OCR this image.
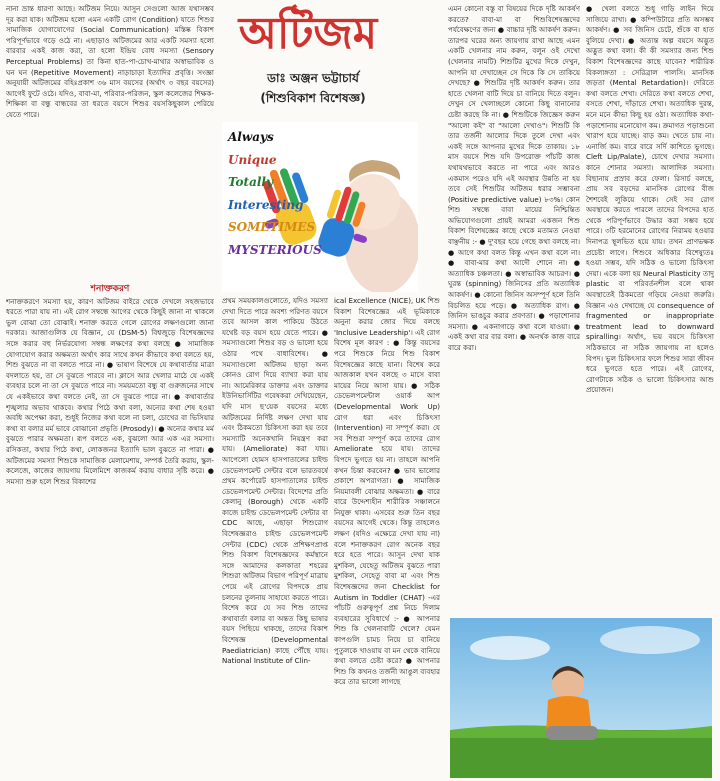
অটিজম
ডাঃ অঞ্জন ভট্টাচার্য
(শিশুবিকাশ বিশেষজ্ঞ)
Always
Unique
Totally
Interesting
SOMETIMES
MYSTERIOUS

নানা ভ্রান্ত ধারণা আছে। অটিজম নিয়ে। আসুন সেগুলো আজ যথাসম্ভব দূর করা যাক। অটিজম হলো এমন একটি রোগ (Condition) যাতে শিশুর সামাজিক যোগাযোগের (Social Communication) মস্তিষ্ক বিকাশ পরিপূর্ণভাবে গড়ে ওঠে না। এছাড়াও অটিজমের আর একটি সমস্যা হলো বারবার একই কাজ করা, তা হলো ইন্দ্রিয় বোধ সমস্যা (Sensory Perceptual Problems) তা কিনা হাত-পা-চোখ-মাথার অস্বাভাবিক ও ঘন ঘন (Repetitive Movement) নাড়াচাড়া ইত্যাদির প্রবৃত্তি। সংজ্ঞা অনুযায়ী অটিজমের বহিঃপ্রকাশ ৩৬ মাস বয়সের (অর্থাৎ ৩ বছর বয়সের) আগেই ফুটে ওঠে। যদিও, বাবা-মা, পরিবার-পরিজন, স্কুল কলেজের শিক্ষক-শিক্ষিকা বা বন্ধু বান্ধবের তা ধরতে বয়সে শিশুর বয়সকিছুকাল পেরিয়ে যেতে পারে।

শনাক্তকরণ

শনাক্তকরণে সমস্যা হয়, কারণ অটিজম বাইরে থেকে দেখলে সহজভাবে ধরতে পারা যায় না। এই রোগ সম্বন্ধে আগের থেকে কিছুই জানা না থাকলে ভুল বোঝা তো বোঝাই। শনাক্ত করতে গেলে রোগের লক্ষণগুলো জানা দরকার। আজাগুলিক যে বিজ্ঞান, যে (DSM-5) বিশ্বজুড়ে বিশেষজ্ঞদের সঙ্গে করার বহু নির্ভরযোগ্য সম্বন্ধ লক্ষণের কথা বলছে ● সামাজিক যোগাযোগ করার অক্ষমতা অর্থাৎ কার সাথে কখন কীভাবে কথা বলতে হয়, শিশু বুঝতে না বা বলতে পারে না। ● ভাষাগ বিশেষে যে কথাবার্তার মাত্রা বদলাতে হয়, তা সে বুঝতে পারবে না। ক্লাসে আর খেলার মাঠে যে একই ব্যবহার চলে না তা সে বুঝতে পারে না। সময়মতো বন্ধু বা গুরুজনের সাথে যে একইভাবে কথা বলতে নেই, তা সে বুঝতে পারে না। ● কথাবার্তার শৃঙ্খলার অভাব থাকবে। কথার পিঠে কথা বলা, অন্যের কথা শেষ হওয়া অবধি অপেক্ষা করা, শুধুই নিজের কথা বলে না চলা, চোখের বা ভিসিয়ার কথা বা বলার মর্ম ভাবে বোঝানো প্রভৃতি (Prosody)। ● অন্যের কথার মর্ম বুঝতে পারার অক্ষমতা। রূপ বলতে এক, বুঝলো আর এক এর সমস্যা। রসিকতা, কথার পিঠে কথা, লোকজনর ইত্যাদি ভাল বুঝতে না পারা। ● অটিজমের সমস্যা শিশুকে সামাজিক মেলামেশায়, সম্পর্ক তৈরি করায়, স্কুল-কলেজে, কাজের জায়গায় মিলেমিশে কাজকর্ম করায় বাধার সৃষ্টি করে। ● সমস্যা শুরু হলে শিশুর বিকাশের

প্রথম সময়কালগুলোতে, যদিও সমস্যা দেখা দিতে পারে অবশ্য পরিণত বয়সে তবে আসল কাল পাকিয়ে উঠতে যথেষ্ট বড় বয়স হয়ে যেতে পারে। ● সমস্যাগুলো শিশুর বড় ও ভালো হয়ে ওঠার পথে বাধাবিশেষ। ● সমস্যাগুলো অটিজম ছাড়া অন্য কোনও রোগ দিয়ে ব্যাখ্যা করা যায় না। আমেরিকার ডাক্তার এবং ডাক্তার ইউনিভার্সিটির গবেষকরা দেখিয়েছেন, যদি মাস ছ'য়েক বয়সের মধ্যে অটিজমের নির্দিষ্ট লক্ষণ দেখা যায় এবং ঠিকমতো চিকিৎসা করা হয় তবে সমস্যাটি অনেকখানি নিয়ন্ত্রণ করা যায়। (Ameliorate) করা যায়। আপেলো হোমস হাসপাতালের চাইল্ড ডেভেলপমেন্ট সেন্টার বলে ভারতবর্ষে প্রথম কর্পোরেট হাসপাতালের চাইল্ড ডেভেলপমেন্ট সেন্টার। বিদেশের প্রতি কেলানু (Borough) থেকে একটি কাজে চাইল্ড ডেভেলপমেন্ট সেন্টার বা CDC আছে, এছাড়া শিশুরোগ বিশেষজ্ঞরাও চাইল্ড ডেভেলপমেন্ট সেন্টার (CDC) থেকে প্রশিক্ষণপ্রাপ্ত শিশু বিকাশ বিশেষজ্ঞদের কর্মস্থানে সঙ্গে আমাদের কলকাতা শহরের শিশুরা অটিজম বিভাগ পরিপূর্ণ মাত্রায় পেয়ে এই রোগের বিপদকে প্রায় চলনের তুলনায় সাহায্যে করতে পারে। বিশেষ করে যে সব শিশু তাদের কথাবার্তা বলার বা অন্তত কিছু ভাষার বয়স পিছিয়ে থাকছে, তাদের বিকাশ বিশেষজ্ঞ (Developmental Paediatrician) কাছে পৌঁছে যায়। National Institute of Clin-

ical Excellence (NICE), UK শিশু বিকাশ বিশেষজ্ঞের এই ভূমিকাকে অনুনা করার জোর দিয়ে বলছে 'Inclusive Leadership'। এই রোগ বিশেষ মূল কারণ : ● কিন্তু বয়সের পরে শিশুকে নিয়ে শিশু বিকাশ বিশেষজ্ঞের কাছে যানা। বিশেষ করে আজকাল যখন বলছে ৩ মাসে বাবা মায়ের নিয়ে আসা যায়। ● সঠিক ডেভেলপমেন্টাল ওয়ার্ক আপ (Developmental Work Up) রোগ ধরা এবং চিকিৎসা (Intervention) না সম্পূর্ণ করা। যে সব শিশুরা সম্পূর্ণ করে তাদের রোগ Ameliorate হয়ে যায়। তাদের বিপদে ভুগতে হয় না। তাহলে আপনি কখন চিন্তা করবেন? ● ভাব ভালোর প্রকাশে অপরাগতা। ● সামাজিক নিয়মাবলী বোঝার অক্ষমতা। ● বারে বারে উদ্দেশ্যহীন শারীরিক সঞ্চালনে নিযুক্ত থাকা। এসবের শুরু তিন বছর বয়সের আগেই থেকে। কিন্তু তাহলেও লক্ষণ (যদিও এক্ষেত্রে দেখা যায় না) বলে শনাক্তকরণ রোগ অনেক বছর ধরে হতে পারে। আসুন দেখা যাক মুশকিল, যেহেতু অটিজম বুঝতে পারা মুশকিল, সেহেতু বাবা মা এবং শিশু বিশেষজ্ঞদের জন্য Checklist for Autism in Toddler (CHAT) -এর পাঁচটি গুরুত্বপূর্ণ প্রশ্ন নিচে দিলাম ব্যবহারের সুবিধার্থে :- ● আপনার শিশু কি খেলনাবাটি খেলে? যেমন কাপগুলি চামচ নিয়ে চা বানিয়ে পুতুলকে খাওয়ায় বা মন থেকে বানিয়ে কথা বলতে চেষ্টা করে? ● আপনার শিশু কি কখনও তর্জনী আঙুল ব্যবহার করে তার ভালো লাগছে

এমন কোনো বস্তু বা বিষয়ের দিকে দৃষ্টি আকর্ষণ করতে? বাবা-মা বা শিশুবিশেষজ্ঞদের পর্যবেক্ষণের জন্য ● বাচ্চার দৃষ্টি আকর্ষণ করুন। তারপর ঘরের অন্য জায়গায় রাখা আছে এমন একটি খেলনার নাম করুন, বলুন ওই দেখো (খেলনার নামটি) শিশুটির মুখের দিকে দেখুন, আপনি যা দেখাচ্ছেন সে দিকে কি সে তাকিয়ে দেখছে? ● শিশুটির দৃষ্টি আকর্ষণ করুন। তার হাতে খেলনা বাটি দিয়ে চা বানিয়ে দিতে বলুন। দেখুন সে খেলাচ্ছলে কোনো কিছু বানানোর চেষ্টা করছে কি না। ● শিশুটিকে জিজ্ঞেস করুন "আলো কই" বা "আলো দেখাও"। শিশুটি কি তার তর্জনী আলোর দিকে তুলে দেখা এবং একই সঙ্গে আপনার মুখের দিকে তাকায়। ১৮ মাস বয়সে শিশু যদি উপরোক্ত পাঁচটি কাজ যথাযথভাবে করতে না পারে এবং আরও একমাস পরেও যদি এই অবস্থার উন্নতি না হয় তবে সেই শিশুটির অটিজম ধরার সম্ভাবনা (Positive predictive value) ৮৩%। কোন শিশু সম্বন্ধে বাবা মায়ের নিশ্চিন্তিত অভিযোগগুলো প্রায়ই আমরা একজন শিশু বিকাশ বিশেষজ্ঞের কাছে থেকে মতামত নেওয়া বাঞ্ছনীয় :- ● দু'বছর হয়ে গেছে কথা বলছে না। ● আগে কথা বলত কিন্তু এখন কথা বলে না। ● বাবা-মার কথা আদৌ শোনে না। ● অত্যাধিক চঞ্চলতা। ● অস্বাভাবিক আচরণ। ● ঘুরন্ত (spinning) জিনিসের প্রতি অত্যাধিক আকর্ষণ। ● কোনো জিনিস অসম্পূর্ণ হলে তিনি বিচলিত হয়ে পড়ে। ● অত্যাধিক রাগ। ● জিনিস ভাঙচুর করার প্রবণতা। ● পড়াশোনার সমস্যা। ● একনাগাড়ে কথা বলে যাওয়া। ● একই কথা বার বার বলা। ● অনর্থক কাজ বারে বারে করা।

● খেলা বলতে শুধু গাড়ি লাইন দিয়ে সাজিয়ে রাখা। ● কম্পিউটারে প্রতি অসম্ভব আকর্ষণ। ● সব জিনিস চেটে, শুঁকে বা হাত বুলিয়ে দেখা। ● অত্যন্ত অল্প বয়সে অদ্ভুত অদ্ভুত কথা বলা। কী কী সমস্যার জন্য শিশু বিকাশ বিশেষজ্ঞদের কাছে যাবেন? শারীরিক বিকলাঙ্গতা : সেরিব্রাল পালসি। মানসিক জড়তা (Mental Retardation)। দেরিতে কথা বলতে শেখা। দেরিতে কথা বলতে শেখা, বসতে শেখা, দাঁড়াতে শেখা। অত্যাধিক দুরন্ত, মনে মনে কীভা কিছু হয় ওঠা। অত্যাধিক কথা-পড়াশোনায় মনোযোগ কম। ক্রমাগত পড়াশুনো খারাপ হয়ে যাচ্ছে। বাড় কম। খেতে চায় না। এনার্জি কম। বারে বারে সর্দি কাশিতে ভুগছে। Cleft Lip/Palate), চোখে দেখার সমস্যা। কানে শোনার সমস্যা। আলাদিক সমস্যা। বিছানায় প্রস্রাব করে ফেলা। রিসার্চ বলছে, প্রায় সব বড়দের মানসিক রোগের বীজ শৈশবেই লুকিয়ে থাকে। সেই সব রোগ অবস্থায়ে করতে পারলে তাদের বিপদের হাত থেকে পরিপূর্ণভাবে উদ্ধার করা সম্ভব হয়ে পারে। ৩টি হরমোনের রোগের নিরাময় হওয়ার দিনাপত্র স্থূলভিত হয়ে যায়। তখন প্রাণভক্ষক প্রচেষ্টা লাগে। শিশুবে অধিকার বিশেষ্যুতঃ হওয়া সম্ভব, যদি সঠিক ও ভালো চিকিৎসা দেয়া। একে বলা হয় Neural Plasticity তাদু plastic বা পরিবর্তনশীল বলে থাকা অবস্থাতেই ঠিকমতো গড়িয়ে নেওয়া জরুরি। বিজ্ঞান এও দেখাচ্ছে যে consequence of fragmented or inappropriate treatment lead to downward spiralling। অর্থাৎ, ভয় বয়সে চিকিৎসা সঠিকভাবে না সঠিক জায়গায় না হলেও বিপদ। ভুল চিকিৎসার ফলে শিশুর সারা জীবন ধরে ভুগতে হতে পারে। এই রোগের, রোগটাকে সঠিক ও ভালো চিকিৎসার আশু প্রয়োজন।
